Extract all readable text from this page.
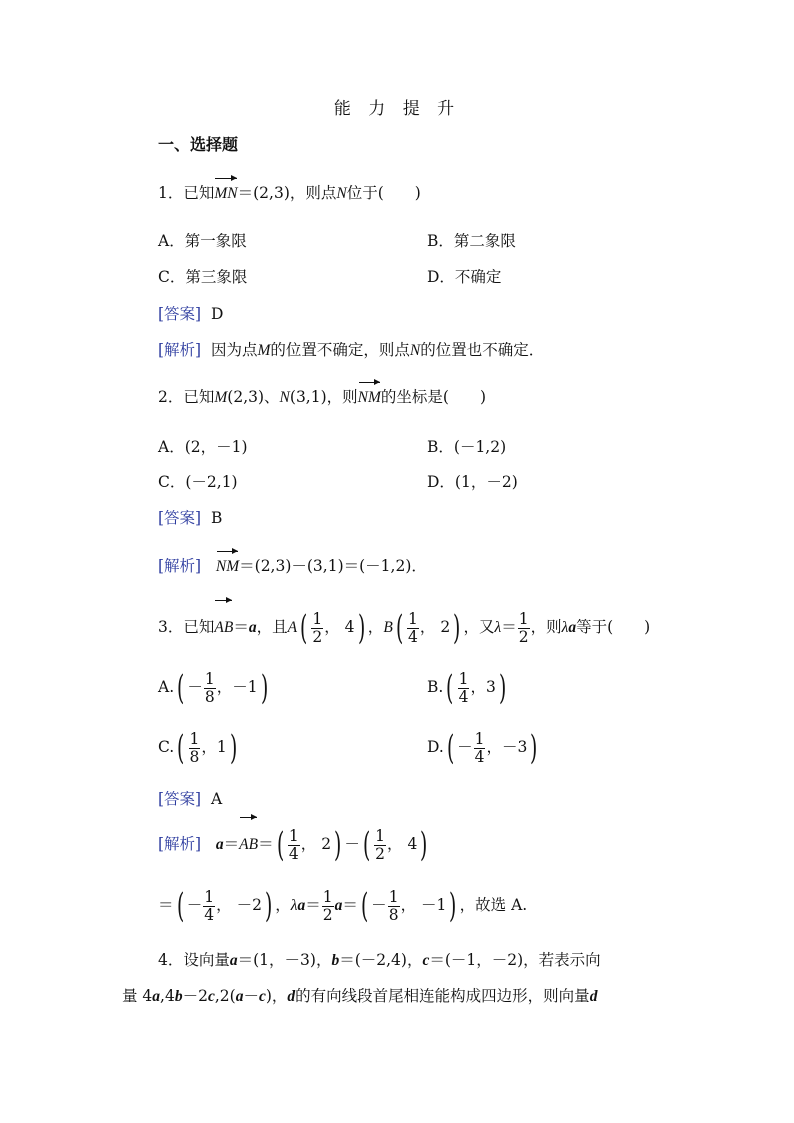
能 力 提 升
一、选择题
1．已知MN＝(2,3)，则点N位于(　　)
A．第一象限	B．第二象限
C．第三象限	D．不确定
[答案] D
[解析] 因为点M的位置不确定，则点N的位置也不确定．
2．已知M(2,3)、N(3,1)，则NM的坐标是(　　)
A．(2，－1)	B．(－1,2)
C．(－2,1)	D．(1，－2)
[答案] B
[解析] NM＝(2,3)－(3,1)＝(－1,2)．
3．已知AB＝a，且$A( \frac{1}{2}$ ， 4) ，$B( \frac{1}{4}$ ， 2) ，又$\lambda= \frac{1}{2}$ ，则λa等于(　　)
$A.( - \frac{1}{8}$ ，－1)	$B.( \frac{1}{4}$ ，3)
$C.( \frac{1}{8}$ ，1)	$D.( - \frac{1}{4}$ ，－3)
[答案] A
[解析] $a=AB=( \frac{1}{4}$ ， 2) －( $\frac{1}{2}$ ， 4)
＝( － $\frac{1}{4}$ ， －2) ，$\lambda a= \frac{1}{2} a=( - \frac{1}{8}$ ， －1) ，故选 A.
4．设向量a＝(1，－3)，b＝(－2,4)，c＝(－1，－2)，若表示向
量 4a,4b－2c,2(a－c)，d的有向线段首尾相连能构成四边形，则向量d
